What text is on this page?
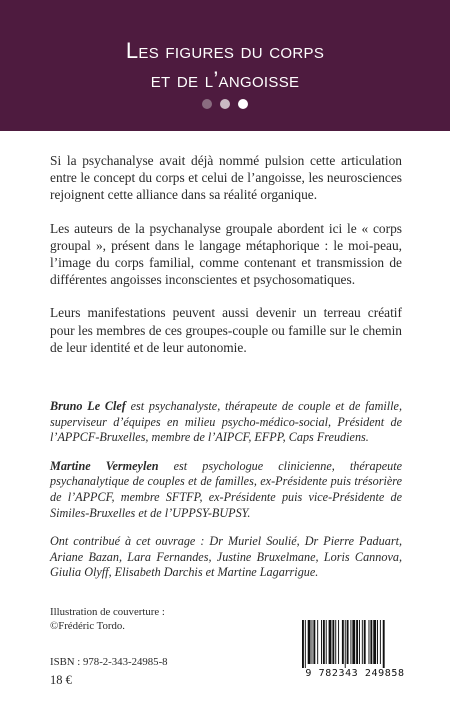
Les figures du corps
et de l’angoisse

Si la psychanalyse avait déjà nommé pulsion cette articulation entre le concept du corps et celui de l’angoisse, les neurosciences rejoignent cette alliance dans sa réalité organique.

Les auteurs de la psychanalyse groupale abordent ici le « corps groupal », présent dans le langage métaphorique : le moi-peau, l’image du corps familial, comme contenant et transmission de différentes angoisses inconscientes et psychosomatiques.

Leurs manifestations peuvent aussi devenir un terreau créatif pour les membres de ces groupes-couple ou famille sur le chemin de leur identité et de leur autonomie.

Bruno Le Clef est psychanalyste, thérapeute de couple et de famille, superviseur d’équipes en milieu psycho-médico-social, Président de l’APPCF-Bruxelles, membre de l’AIPCF, EFPP, Caps Freudiens.

Martine Vermeylen est psychologue clinicienne, thérapeute psychanalytique de couples et de familles, ex-Présidente puis trésorière de l’APPCF, membre SFTFP, ex-Présidente puis vice-Présidente de Similes-Bruxelles et de l’UPPSY-BUPSY.

Ont contribué à cet ouvrage : Dr Muriel Soulié, Dr Pierre Paduart, Ariane Bazan, Lara Fernandes, Justine Bruxelmane, Loris Cannova, Giulia Olyff, Elisabeth Darchis et Martine Lagarrigue.

Illustration de couverture :
©Frédéric Tordo.
ISBN : 978-2-343-24985-8
18 €	9 782343 249858
